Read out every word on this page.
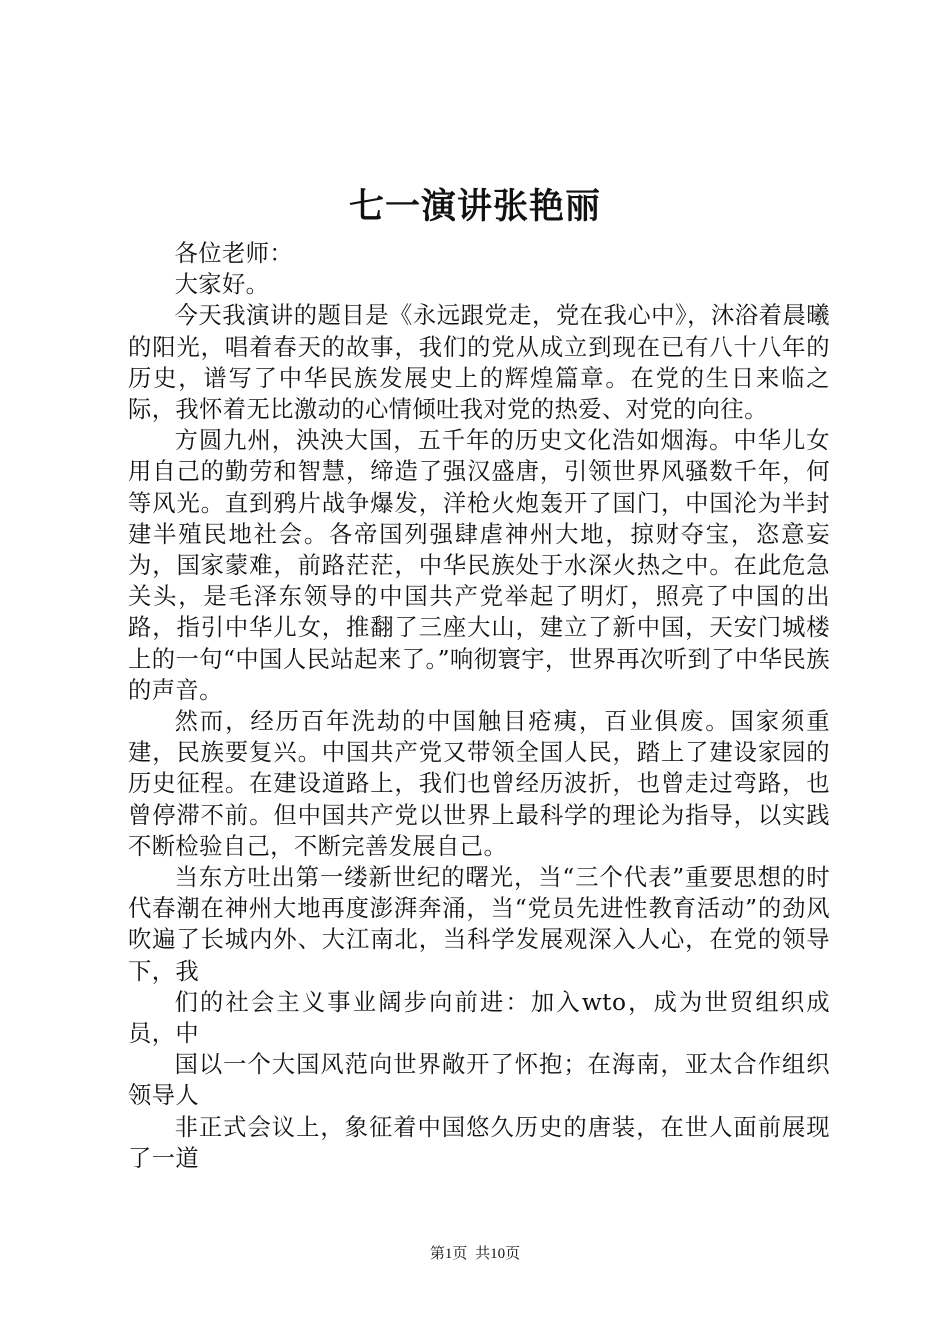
七一演讲张艳丽

各位老师：

大家好。

今天我演讲的题目是《永远跟党走，党在我心中》，沐浴着晨曦的阳光，唱着春天的故事，我们的党从成立到现在已有八十八年的历史，谱写了中华民族发展史上的辉煌篇章。在党的生日来临之际，我怀着无比激动的心情倾吐我对党的热爱、对党的向往。

方圆九州，泱泱大国，五千年的历史文化浩如烟海。中华儿女用自己的勤劳和智慧，缔造了强汉盛唐，引领世界风骚数千年，何等风光。直到鸦片战争爆发，洋枪火炮轰开了国门，中国沦为半封建半殖民地社会。各帝国列强肆虐神州大地，掠财夺宝，恣意妄为，国家蒙难，前路茫茫，中华民族处于水深火热之中。在此危急关头，是毛泽东领导的中国共产党举起了明灯，照亮了中国的出路，指引中华儿女，推翻了三座大山，建立了新中国，天安门城楼上的一句“中国人民站起来了。”响彻寰宇，世界再次听到了中华民族的声音。

然而，经历百年洗劫的中国触目疮痍，百业俱废。国家须重建，民族要复兴。中国共产党又带领全国人民，踏上了建设家园的历史征程。在建设道路上，我们也曾经历波折，也曾走过弯路，也曾停滞不前。但中国共产党以世界上最科学的理论为指导，以实践不断检验自己，不断完善发展自己。

当东方吐出第一缕新世纪的曙光，当“三个代表”重要思想的时代春潮在神州大地再度澎湃奔涌，当“党员先进性教育活动”的劲风吹遍了长城内外、大江南北，当科学发展观深入人心，在党的领导下，我

们的社会主义事业阔步向前进：加入wto，成为世贸组织成员，中

国以一个大国风范向世界敞开了怀抱；在海南，亚太合作组织领导人

非正式会议上，象征着中国悠久历史的唐装，在世人面前展现了一道

第1页 共10页
